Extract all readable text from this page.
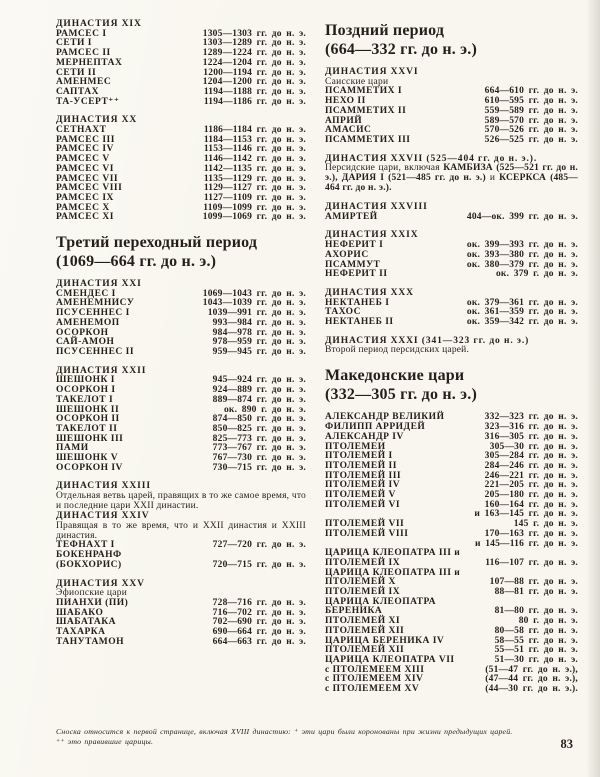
ДИНАСТИЯ XIX
РАМСЕС I	1305—1303 гг. до н. э.
СЕТИ I	1303—1289 гг. до н. э.
РАМСЕС II	1289—1224 гг. до н. э.
МЕРНЕПТАХ	1224—1204 гг. до н. э.
СЕТИ II	1200—1194 гг. до н. э.
АМЕНМЕС	1204—1200 гг. до н. э.
САПТАХ	1194—1188 гг. до н. э.
ТА-УСЕРТ⁺⁺	1194—1186 гг. до н. э.
ДИНАСТИЯ XX
СЕТНАХТ	1186—1184 гг. до н. э.
РАМСЕС III	1184—1153 гг. до н. э.
РАМСЕС IV	1153—1146 гг. до н. э.
РАМСЕС V	1146—1142 гг. до н. э.
РАМСЕС VI	1142—1135 гг. до н. э.
РАМСЕС VII	1135—1129 гг. до н. э.
РАМСЕС VIII	1129—1127 гг. до н. э.
РАМСЕС IX	1127—1109 гг. до н. э.
РАМСЕС X	1109—1099 гг. до н. э.
РАМСЕС XI	1099—1069 гг. до н. э.
Третий переходный период
(1069—664 гг. до н. э.)
ДИНАСТИЯ XXI
СМЕНДЕС I	1069—1043 гг. до н. э.
АМЕНЕМНИСУ	1043—1039 гг. до н. э.
ПСУСЕННЕС I	1039—991 гг. до н. э.
АМЕНЕМОП	993—984 гг. до н. э.
ОСОРКОН	984—978 гг. до н. э.
САЙ-АМОН	978—959 гг. до н. э.
ПСУСЕННЕС II	959—945 гг. до н. э.
ДИНАСТИЯ XXII
ШЕШОНК I	945—924 гг. до н. э.
ОСОРКОН I	924—889 гг. до н. э.
ТАКЕЛОТ I	889—874 гг. до н. э.
ШЕШОНК II	ок. 890 г. до н. э.
ОСОРКОН II	874—850 гг. до н. э.
ТАКЕЛОТ II	850—825 гг. до н. э.
ШЕШОНК III	825—773 гг. до н. э.
ПАМИ	773—767 гг. до н. э.
ШЕШОНК V	767—730 гг. до н. э.
ОСОРКОН IV	730—715 гг. до н. э.
ДИНАСТИЯ XXIII

Отдельная ветвь царей, правящих в то же самое время, что и последние цари XXII династии.

ДИНАСТИЯ XXIV

Правящая в то же время, что и XXII династия и XXIII династия.

ТЕФНАХТ I	727—720 гг. до н. э.
БОКЕНРАНФ
(БОКХОРИС)	720—715 гг. до н. э.
ДИНАСТИЯ XXV
Эфиопские цари
ПИАНХИ (ПИ)	728—716 гг. до н. э.
ШАБАКО	716—702 гг. до н. э.
ШАБАТАКА	702—690 гг. до н. э.
ТАХАРКА	690—664 гг. до н. э.
ТАНУТАМОН	664—663 гг. до н. э.
Поздний период
(664—332 гг. до н. э.)
ДИНАСТИЯ XXVI
Саисские цари
ПСАММЕТИХ I	664—610 гг. до н. э.
НЕХО II	610—595 гг. до н. э.
ПСАММЕТИХ II	559—589 гг. до н. э.
АПРИЙ	589—570 гг. до н. э.
АМАСИС	570—526 гг. до н. э.
ПСАММЕТИХ III	526—525 гг. до н. э.
ДИНАСТИЯ XXVII (525—404 гг. до н. э.).

Персидские цари, включая КАМБИЗА (525—521 гг. до н. э.), ДАРИЯ I (521—485 гг. до н. э.) и КСЕРКСА (485—464 гг. до н. э.).

ДИНАСТИЯ XXVIII
АМИРТЕЙ	404—ок. 399 гг. до н. э.
ДИНАСТИЯ XXIX
НЕФЕРИТ I	ок. 399—393 гг. до н. э.
АХОРИС	ок. 393—380 гг. до н. э.
ПСАММУТ	ок. 380—379 гг. до н. э.
НЕФЕРИТ II	ок. 379 г. до н. э.
ДИНАСТИЯ XXX
НЕКТАНЕБ I	ок. 379—361 гг. до н. э.
ТАХОС	ок. 361—359 гг. до н. э.
НЕКТАНЕБ II	ок. 359—342 гг. до н. э.
ДИНАСТИЯ XXXI (341—323 гг. до н. э.)

Второй период персидских царей.

Македонские цари
(332—305 гг. до н. э.)
АЛЕКСАНДР ВЕЛИКИЙ	332—323 гг. до н. э.
ФИЛИПП АРРИДЕЙ	323—316 гг. до н. э.
АЛЕКСАНДР IV	316—305 гг. до н. э.
ПТОЛЕМЕИ	305—30 гг. до н. э.
ПТОЛЕМЕЙ I	305—284 гг. до н. э.
ПТОЛЕМЕЙ II	284—246 гг. до н. э.
ПТОЛЕМЕЙ III	246—221 гг. до н. э.
ПТОЛЕМЕЙ IV	221—205 гг. до н. э.
ПТОЛЕМЕЙ V	205—180 гг. до н. э.
ПТОЛЕМЕЙ VI	160—164 гг. до н. э.
и 163—145 гг. до н. э.
ПТОЛЕМЕЙ VII	145 г. до н. э.
ПТОЛЕМЕЙ VIII	170—163 гг. до н. э.
и 145—116 гг. до н. э.
ЦАРИЦА КЛЕОПАТРА III и
ПТОЛЕМЕЙ IX	116—107 гг. до н. э.
ЦАРИЦА КЛЕОПАТРА III и
ПТОЛЕМЕЙ X	107—88 гг. до н. э.
ПТОЛЕМЕЙ IX	88—81 гг. до н. э.
ЦАРИЦА КЛЕОПАТРА
БЕРЕНИКА	81—80 гг. до н. э.
ПТОЛЕМЕЙ XI	80 г. до н. э.
ПТОЛЕМЕЙ XII	80—58 гг. до н. э.
ЦАРИЦА БЕРЕНИКА IV	58—55 гг. до н. э.
ПТОЛЕМЕЙ XII	55—51 гг. до н. э.
ЦАРИЦА КЛЕОПАТРА VII	51—30 гг. до н. э.
с ПТОЛЕМЕЕМ XIII	(51—47 гг. до н. э.),
с ПТОЛЕМЕЕМ XIV	(47—44 гг. до н. э.),
с ПТОЛЕМЕЕМ XV	(44—30 гг. до н. э.).
Сноска относится к первой странице, включая XVIII династию: ⁺ эти цари были коронованы при жизни предыдущих царей.
⁺⁺ это правившие царицы.	83
